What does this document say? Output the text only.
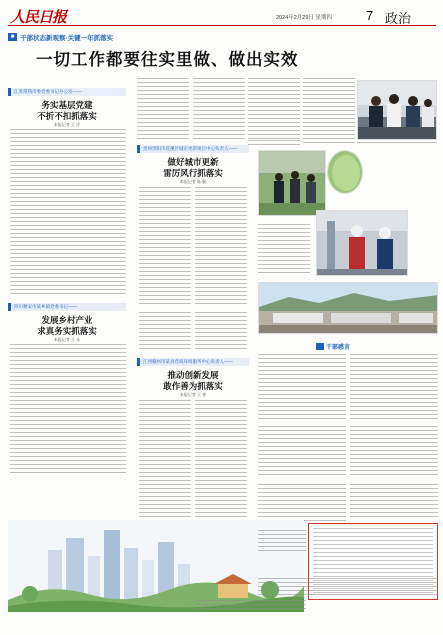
人民日报	2024年2月29日 星期四	7 政治
■ 干部状态新观察·关键一年抓落实
一切工作都要往实里做、做出实效
江苏常熟市委党委书记办公室——
务实基层党建
不折不扣抓落实
本报记者 王 洋
贵州贵阳市花溪区城市更新项目中心负责人——
做好城市更新
雷厉风行抓落实
本报记者 陈 颖
四川雅安市某乡镇党委书记——
发展乡村产业
求真务实抓落实
本报记者 王 永
江西赣州市某县营商环境服务中心负责人——
推动创新发展
敢作善为抓落实
本报记者 王 春
干部感言
